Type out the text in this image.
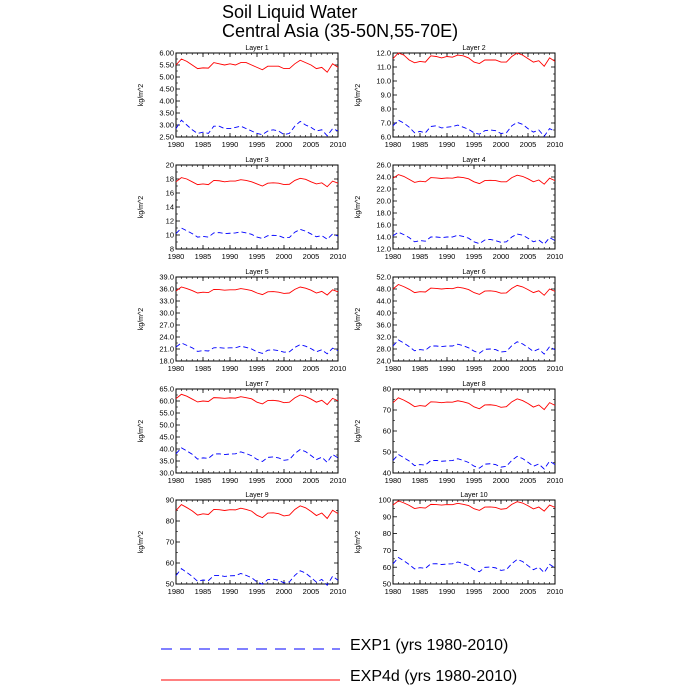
Soil Liquid Water
Central Asia (35-50N,55-70E)
Layer 1
kg/m^2
1980 1985 1990 1995 2000 2005 2010
2.50
3.00
3.50
4.00
4.50
5.00
5.50
6.00
Layer 2
kg/m^2
1980 1985 1990 1995 2000 2005 2010
6.0
7.0
8.0
9.0
10.0
11.0
12.0
Layer 3
kg/m^2
1980 1985 1990 1995 2000 2005 2010
8
10
12
14
16
18
20
Layer 4
kg/m^2
1980 1985 1990 1995 2000 2005 2010
12.0
14.0
16.0
18.0
20.0
22.0
24.0
26.0
Layer 5
kg/m^2
1980 1985 1990 1995 2000 2005 2010
18.0
21.0
24.0
27.0
30.0
33.0
36.0
39.0
Layer 6
kg/m^2
1980 1985 1990 1995 2000 2005 2010
24.0
28.0
32.0
36.0
40.0
44.0
48.0
52.0
Layer 7
kg/m^2
1980 1985 1990 1995 2000 2005 2010
30.0
35.0
40.0
45.0
50.0
55.0
60.0
65.0
Layer 8
kg/m^2
1980 1985 1990 1995 2000 2005 2010
40
50
60
70
80
Layer 9
kg/m^2
1980 1985 1990 1995 2000 2005 2010
50
60
70
80
90
Layer 10
kg/m^2
1980 1985 1990 1995 2000 2005 2010
50
60
70
80
90
100
EXP1 (yrs 1980-2010)
EXP4d (yrs 1980-2010)
